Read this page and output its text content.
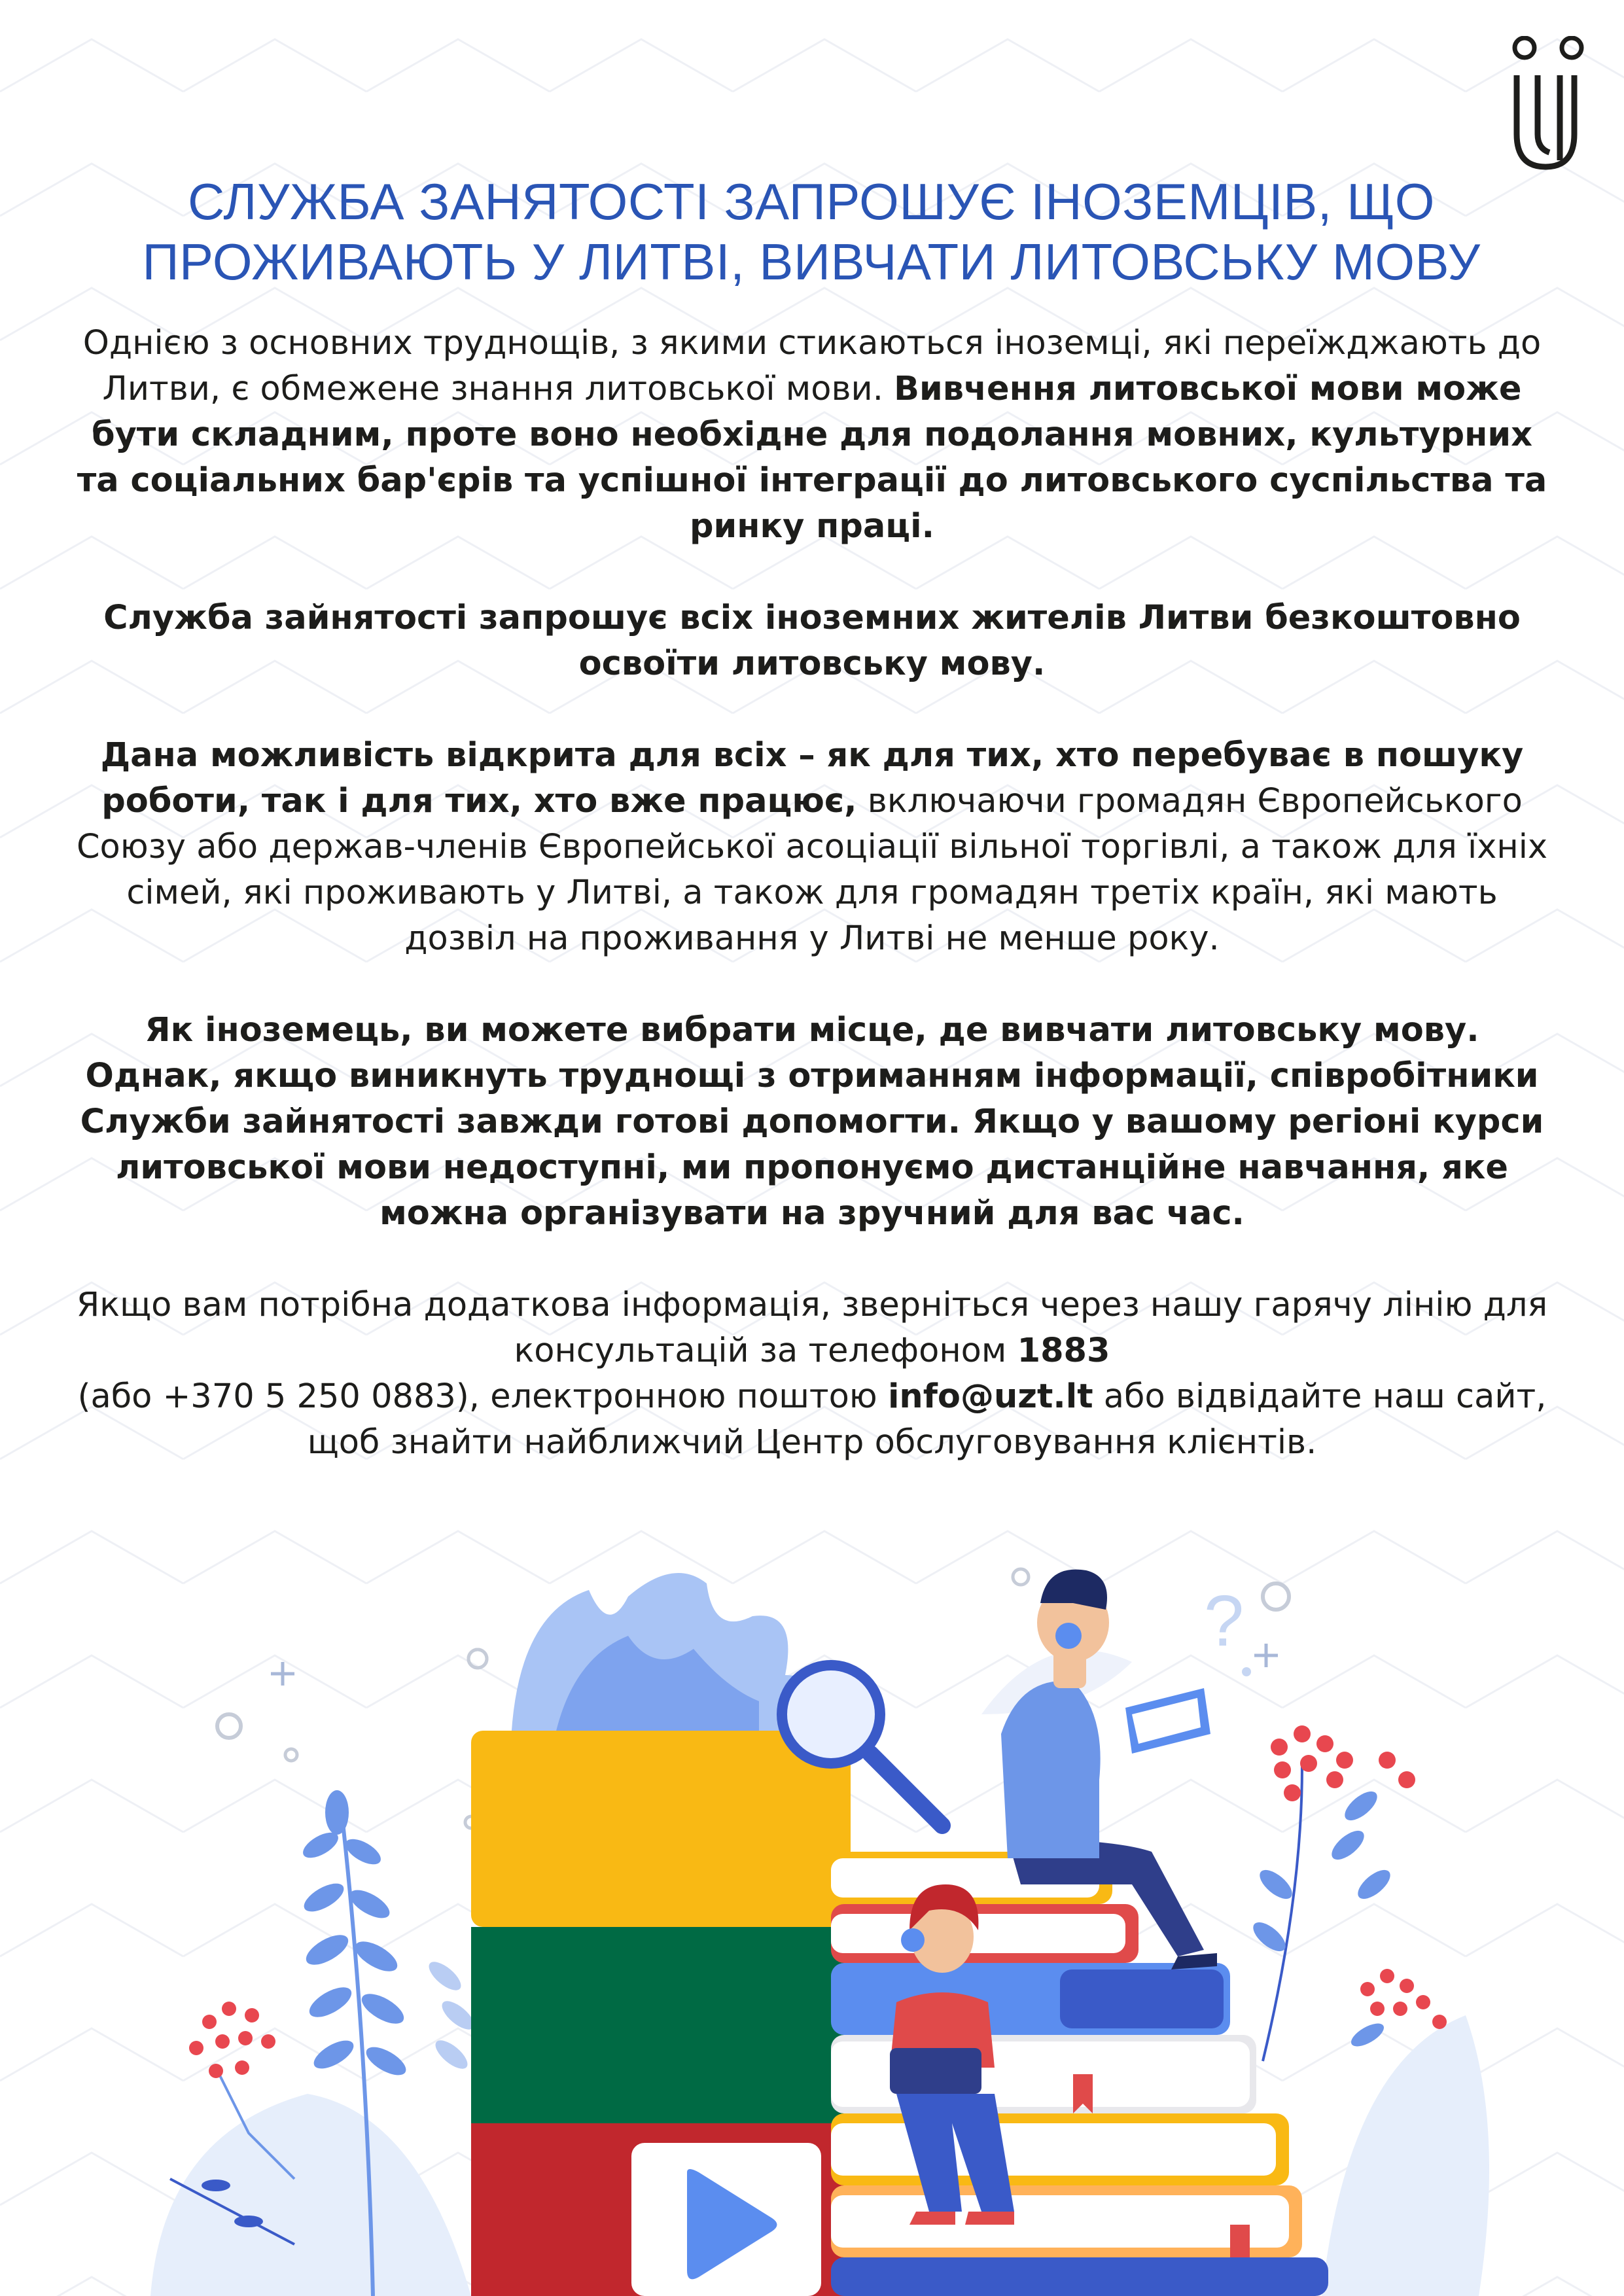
СЛУЖБА ЗАНЯТОСТІ ЗАПРОШУЄ ІНОЗЕМЦІВ, ЩО
ПРОЖИВАЮТЬ У ЛИТВІ, ВИВЧАТИ ЛИТОВСЬКУ МОВУ

Однією з основних труднощів, з якими стикаються іноземці, які переїжджають до Литви, є обмежене знання литовської мови. Вивчення литовської мови може бути складним, проте воно необхідне для подолання мовних, культурних та соціальних бар'єрів та успішної інтеграції до литовського суспільства та ринку праці.

Служба зайнятості запрошує всіх іноземних жителів Литви безкоштовно освоїти литовську мову.

Дана можливість відкрита для всіх – як для тих, хто перебуває в пошуку роботи, так і для тих, хто вже працює, включаючи громадян Європейського Союзу або держав-членів Європейської асоціації вільної торгівлі, а також для їхніх сімей, які проживають у Литві, а також для громадян третіх країн, які мають дозвіл на проживання у Литві не менше року.

Як іноземець, ви можете вибрати місце, де вивчати литовську мову. Однак, якщо виникнуть труднощі з отриманням інформації, співробітники Служби зайнятості завжди готові допомогти. Якщо у вашому регіоні курси литовської мови недоступні, ми пропонуємо дистанційне навчання, яке можна організувати на зручний для вас час.

Якщо вам потрібна додаткова інформація, зверніться через нашу гарячу лінію для консультацій за телефоном 1883
(або +370 5 250 0883), електронною поштою info@uzt.lt або відвідайте наш сайт, щоб знайти найближчий Центр обслуговування клієнтів.

?
